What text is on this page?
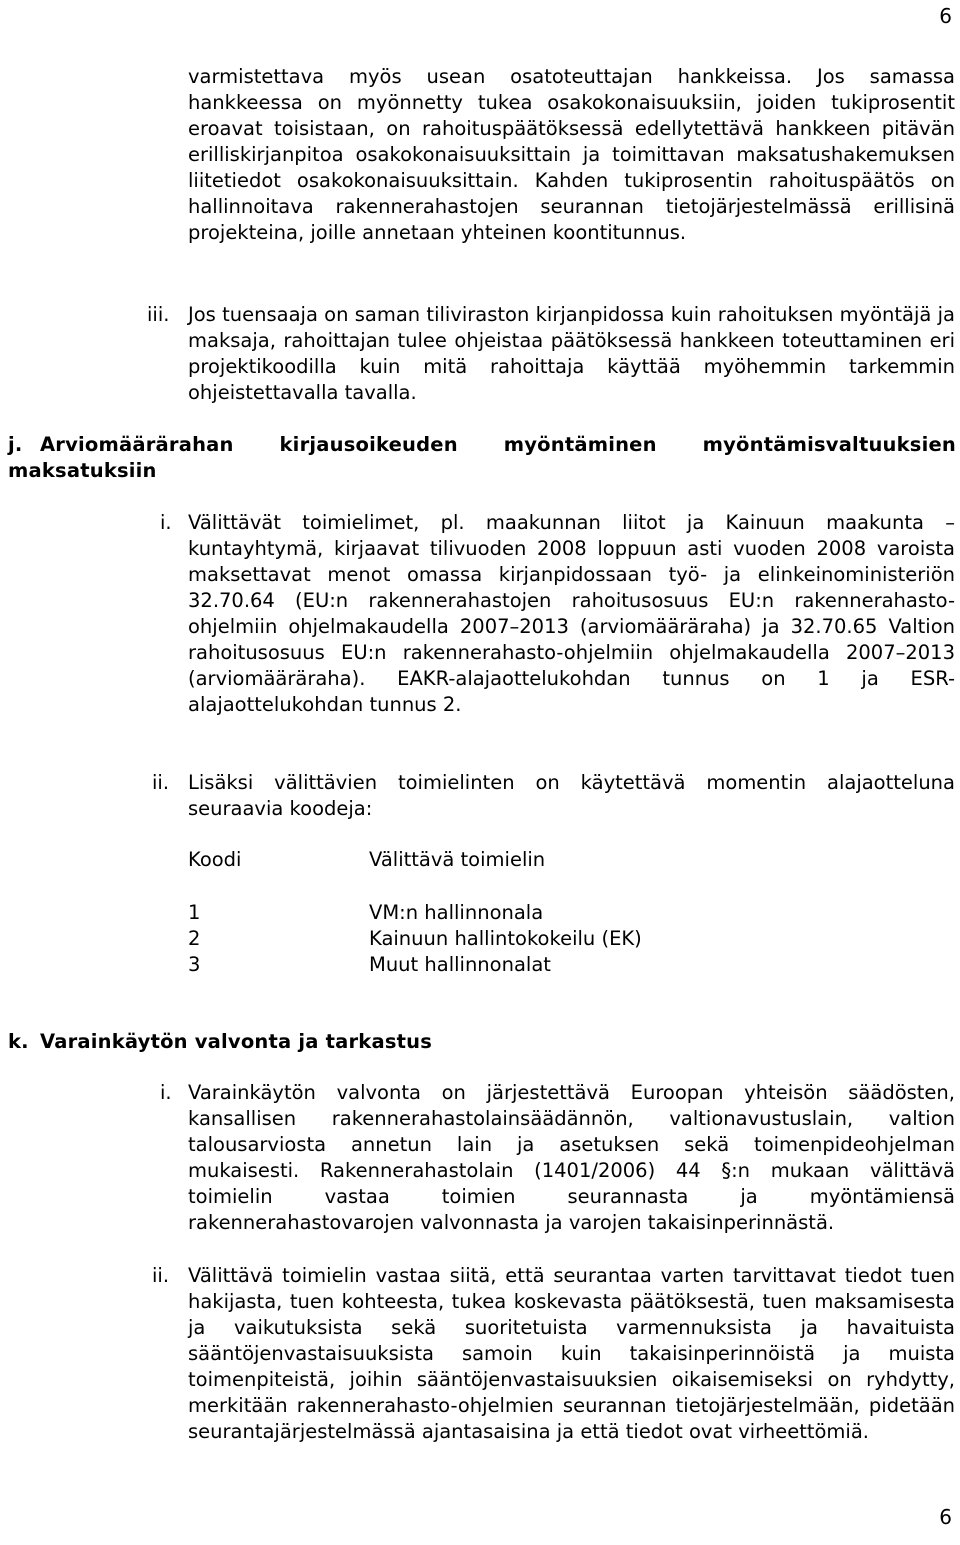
6

varmistettava myös usean osatoteuttajan hankkeissa. Jos samassa hankkeessa on myönnetty tukea osakokonaisuuksiin, joiden tukiprosentit eroavat toisistaan, on rahoituspäätöksessä edellytettävä hankkeen pitävän erilliskirjanpitoa osakokonaisuuksittain ja toimittavan maksatushakemuksen liitetiedot osakokonaisuuksittain. Kahden tukiprosentin rahoituspäätös on hallinnoitava rakennerahastojen seurannan tietojärjestelmässä erillisinä projekteina, joille annetaan yhteinen koontitunnus.

iii. Jos tuensaaja on saman tiliviraston kirjanpidossa kuin rahoituksen myöntäjä ja maksaja, rahoittajan tulee ohjeistaa päätöksessä hankkeen toteuttaminen eri projektikoodilla kuin mitä rahoittaja käyttää myöhemmin tarkemmin ohjeistettavalla tavalla.

j. Arviomäärärahan kirjausoikeuden myöntäminen myöntämisvaltuuksien maksatuksiin
i. Välittävät toimielimet, pl. maakunnan liitot ja Kainuun maakunta – kuntayhtymä, kirjaavat tilivuoden 2008 loppuun asti vuoden 2008 varoista maksettavat menot omassa kirjanpidossaan työ- ja elinkeinoministeriön 32.70.64 (EU:n rakennerahastojen rahoitusosuus EU:n rakennerahasto-ohjelmiin ohjelmakaudella 2007–2013 (arviomääräraha) ja 32.70.65 Valtion rahoitusosuus EU:n rakennerahasto-ohjelmiin ohjelmakaudella 2007–2013 (arviomääräraha). EAKR-alajaottelukohdan tunnus on 1 ja ESR-alajaottelukohdan tunnus 2.

ii. Lisäksi välittävien toimielinten on käytettävä momentin alajaotteluna seuraavia koodeja:

Koodi	Välittävä toimielin
1	VM:n hallinnonala
2	Kainuun hallintokokeilu (EK)
3	Muut hallinnonalat
k. Varainkäytön valvonta ja tarkastus
i. Varainkäytön valvonta on järjestettävä Euroopan yhteisön säädösten, kansallisen rakennerahastolainsäädännön, valtionavustuslain, valtion talousarviosta annetun lain ja asetuksen sekä toimenpideohjelman mukaisesti. Rakennerahastolain (1401/2006) 44 §:n mukaan välittävä toimielin vastaa toimien seurannasta ja myöntämiensä rakennerahastovarojen valvonnasta ja varojen takaisinperinnästä.

ii. Välittävä toimielin vastaa siitä, että seurantaa varten tarvittavat tiedot tuen hakijasta, tuen kohteesta, tukea koskevasta päätöksestä, tuen maksamisesta ja vaikutuksista sekä suoritetuista varmennuksista ja havaituista sääntöjenvastaisuuksista samoin kuin takaisinperinnöistä ja muista toimenpiteistä, joihin sääntöjenvastaisuuksien oikaisemiseksi on ryhdytty, merkitään rakennerahasto-ohjelmien seurannan tietojärjestelmään, pidetään seurantajärjestelmässä ajantasaisina ja että tiedot ovat virheettömiä.

6
